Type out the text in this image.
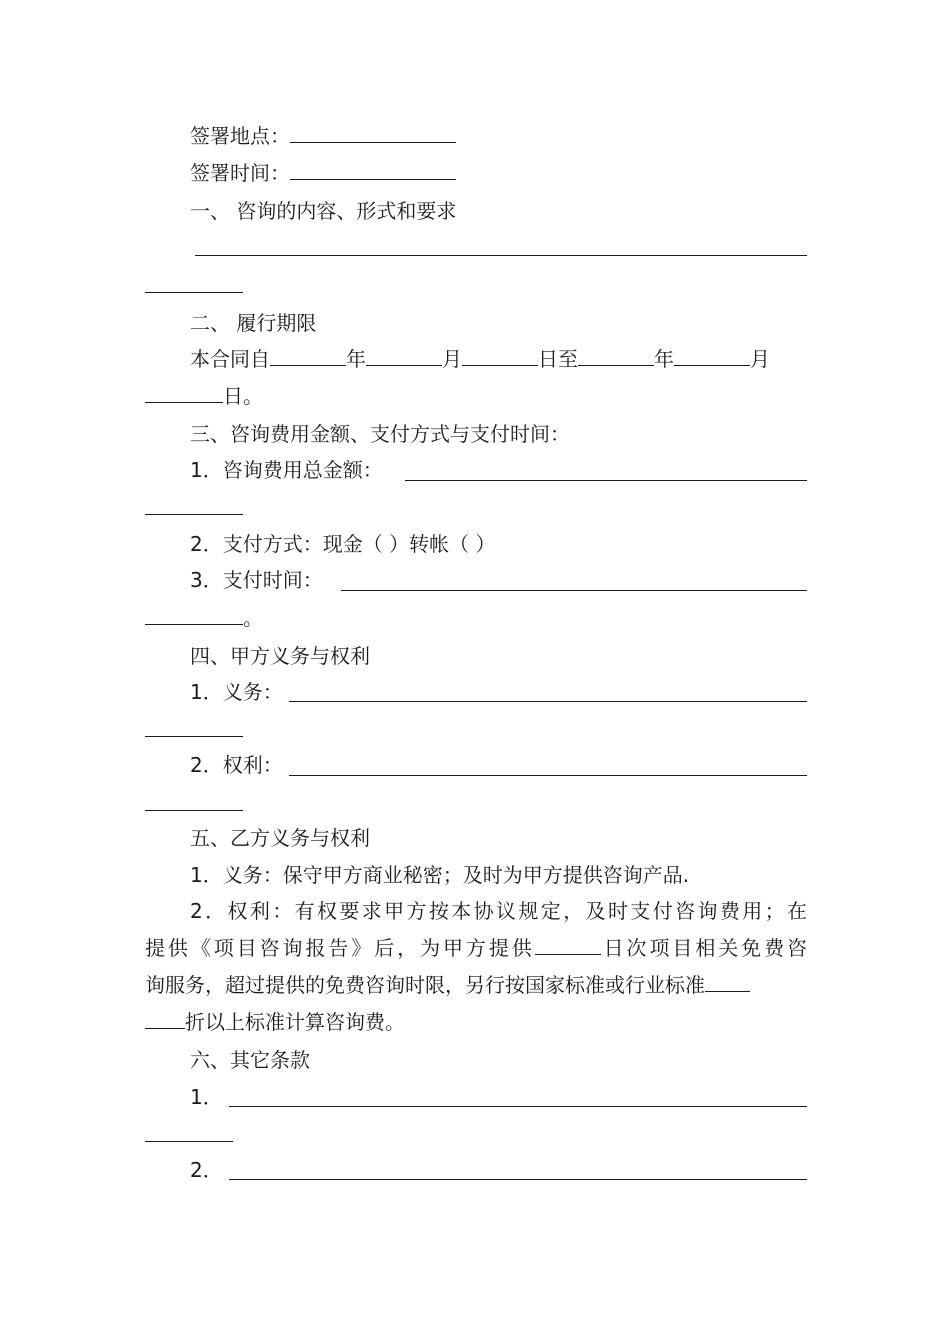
签署地点：
签署时间：
一、 咨询的内容、形式和要求
二、 履行期限
本合同自	年	月	日至	年	月
日。
三、咨询费用金额、支付方式与支付时间：
1．咨询费用总金额：
2．支付方式：现金（ ）转帐（ ）
3．支付时间：
。
四、甲方义务与权利
1．义务：
2．权利：
五、乙方义务与权利
1．义务：保守甲方商业秘密；及时为甲方提供咨询产品.
2．权利：有权要求甲方按本协议规定，及时支付咨询费用；在
提供《项目咨询报告》后，为甲方提供	日次项目相关免费咨
询服务，超过提供的免费咨询时限，另行按国家标准或行业标准
折以上标准计算咨询费。
六、其它条款
1．
2．
